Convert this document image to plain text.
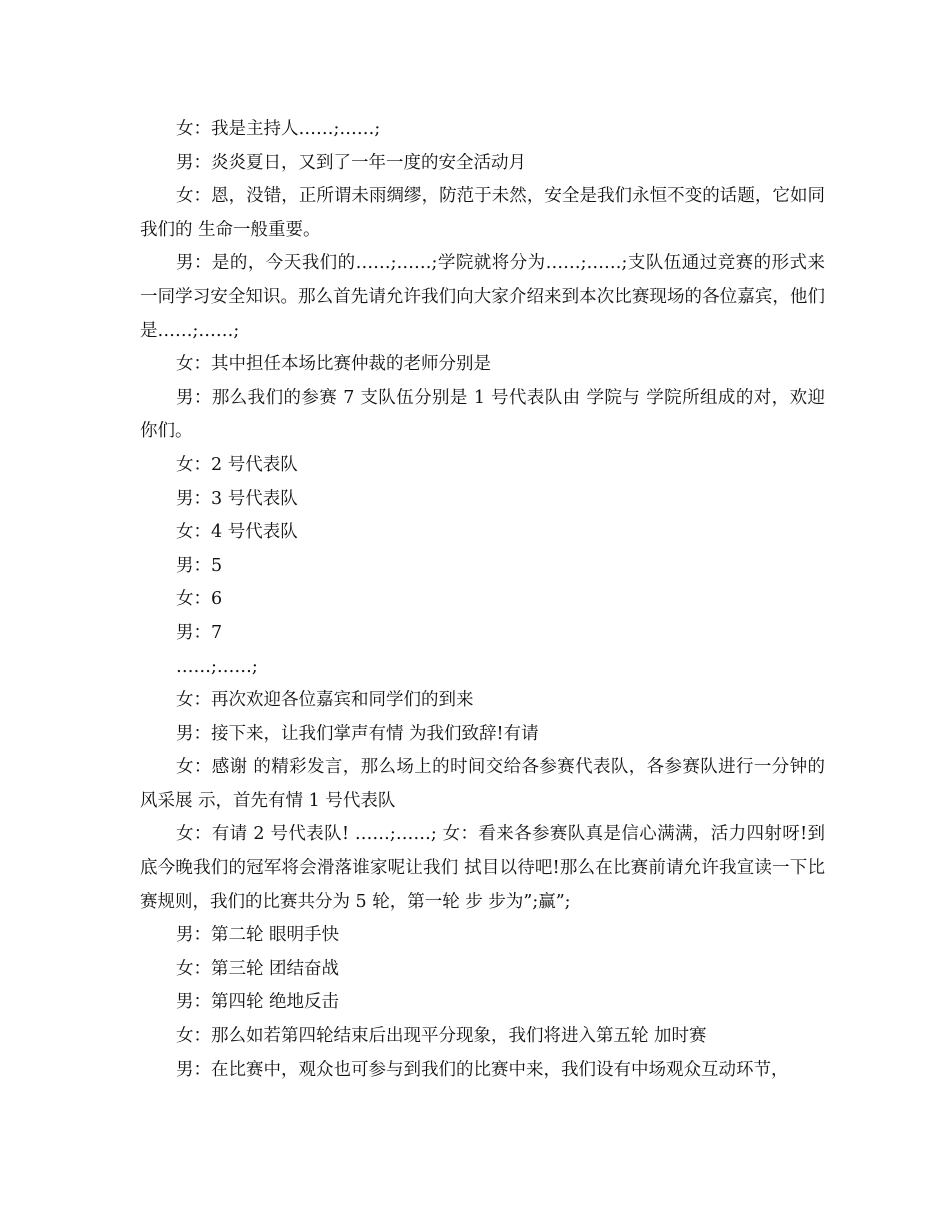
女：我是主持人……;……;

男：炎炎夏日，又到了一年一度的安全活动月

女：恩，没错，正所谓未雨绸缪，防范于未然，安全是我们永恒不变的话题，它如同我们的 生命一般重要。

男：是的，今天我们的……;……;学院就将分为……;……;支队伍通过竞赛的形式来一同学习安全知识。那么首先请允许我们向大家介绍来到本次比赛现场的各位嘉宾，他们是……;……;

女：其中担任本场比赛仲裁的老师分别是

男：那么我们的参赛 7 支队伍分别是 1 号代表队由 学院与 学院所组成的对，欢迎你们。

女：2 号代表队

男：3 号代表队

女：4 号代表队

男：5

女：6

男：7

……;……;

女：再次欢迎各位嘉宾和同学们的到来

男：接下来，让我们掌声有情 为我们致辞!有请

女：感谢 的精彩发言，那么场上的时间交给各参赛代表队，各参赛队进行一分钟的风采展 示，首先有情 1 号代表队

女：有请 2 号代表队! ……;……; 女：看来各参赛队真是信心满满，活力四射呀!到底今晚我们的冠军将会滑落谁家呢让我们 拭目以待吧!那么在比赛前请允许我宣读一下比赛规则，我们的比赛共分为 5 轮，第一轮 步 步为”;赢”;

男：第二轮 眼明手快

女：第三轮 团结奋战

男：第四轮 绝地反击

女：那么如若第四轮结束后出现平分现象，我们将进入第五轮 加时赛

男：在比赛中，观众也可参与到我们的比赛中来，我们设有中场观众互动环节，
